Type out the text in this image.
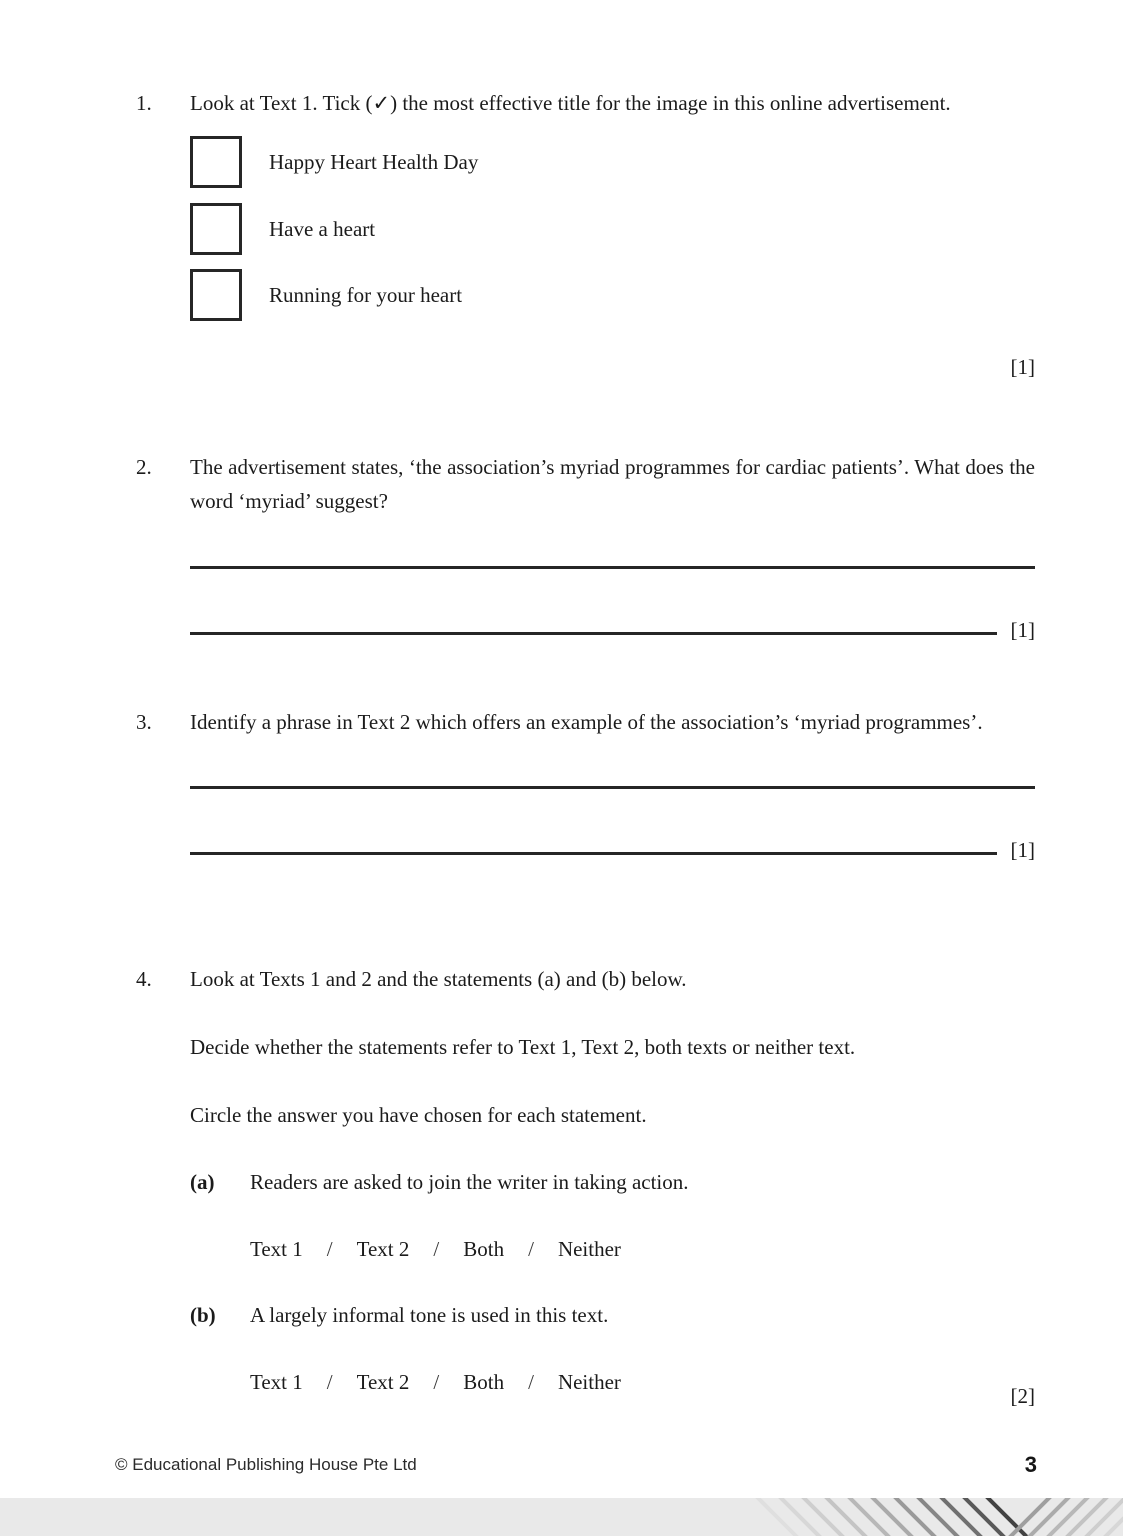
1. Look at Text 1. Tick (✓) the most effective title for the image in this online advertisement.

Happy Heart Health Day
Have a heart
Running for your heart
[1]
2. The advertisement states, ‘the association’s myriad programmes for cardiac patients’. What does the word ‘myriad’ suggest?

[1]
3. Identify a phrase in Text 2 which offers an example of the association’s ‘myriad programmes’.

[1]
4. Look at Texts 1 and 2 and the statements (a) and (b) below.

Decide whether the statements refer to Text 1, Text 2, both texts or neither text.

Circle the answer you have chosen for each statement.

(a)	Readers are asked to join the writer in taking action.
Text 1 / Text 2 / Both / Neither
(b)	A largely informal tone is used in this text.
Text 1 / Text 2 / Both / Neither
[2]
© Educational Publishing House Pte Ltd	3
